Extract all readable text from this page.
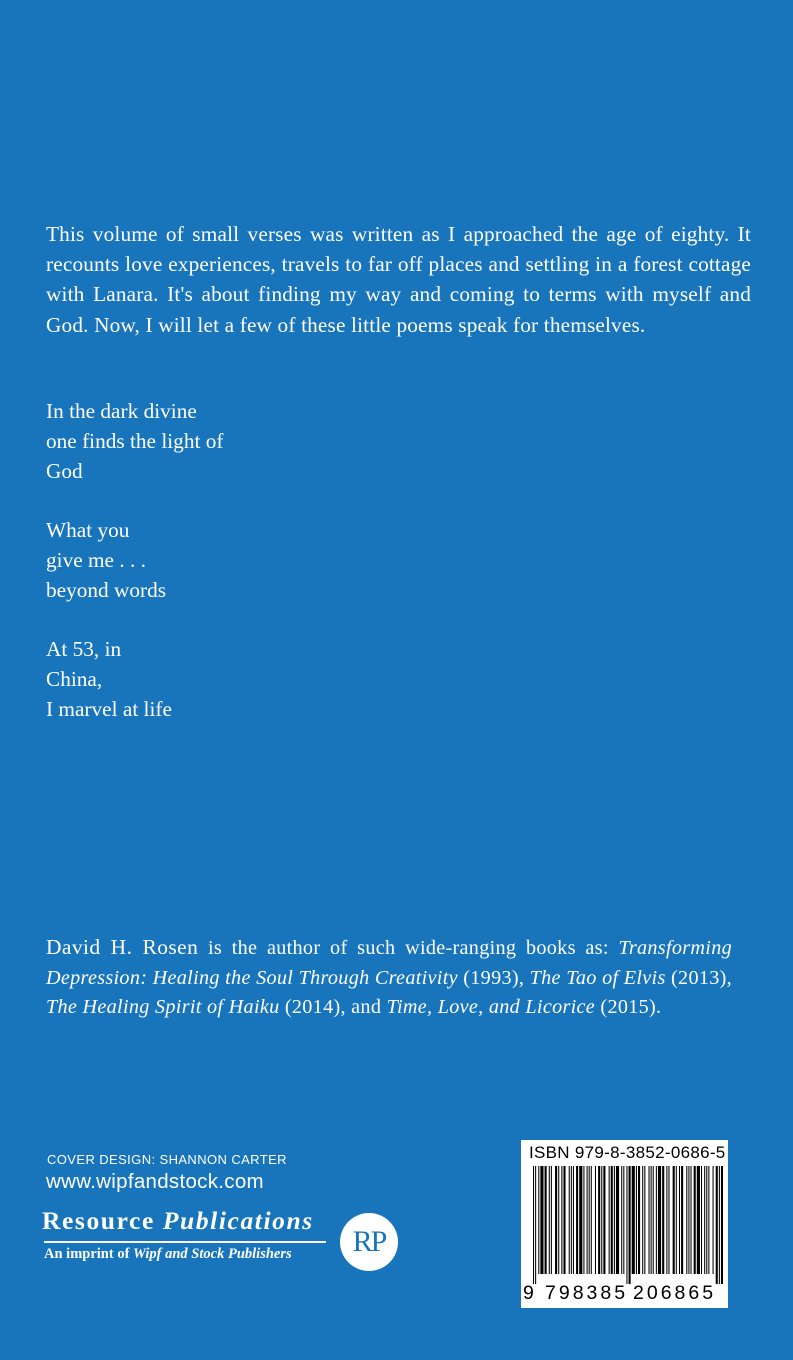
This volume of small verses was written as I approached the age of eighty. It recounts love experiences, travels to far off places and settling in a forest cottage with Lanara. It's about finding my way and coming to terms with myself and God. Now, I will let a few of these little poems speak for themselves.

In the dark divine
one finds the light of
God

What you
give me . . .
beyond words

At 53, in
China,
I marvel at life

David H. Rosen is the author of such wide-ranging books as: Transforming Depression: Healing the Soul Through Creativity (1993), The Tao of Elvis (2013), The Healing Spirit of Haiku (2014), and Time, Love, and Licorice (2015).

COVER DESIGN: SHANNON CARTER

www.wipfandstock.com

Resource Publications
An imprint of Wipf and Stock Publishers	RP

ISBN 979-8-3852-0686-5

9 798385 206865
